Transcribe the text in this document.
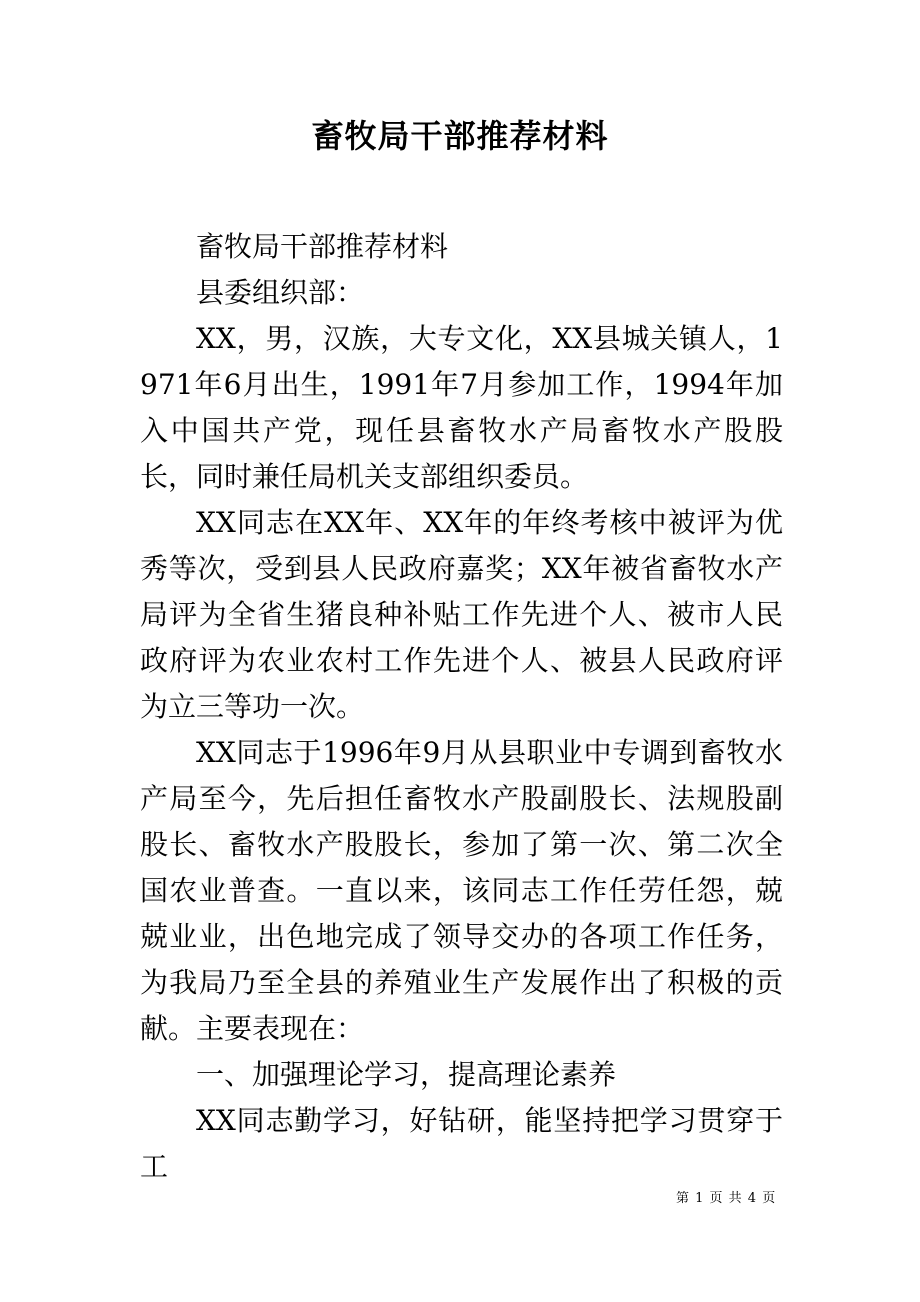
畜牧局干部推荐材料

畜牧局干部推荐材料

县委组织部：

XX，男，汉族，大专文化，XX县城关镇人，1971年6月出生，1991年7月参加工作，1994年加入中国共产党，现任县畜牧水产局畜牧水产股股长，同时兼任局机关支部组织委员。

XX同志在XX年、XX年的年终考核中被评为优秀等次，受到县人民政府嘉奖；XX年被省畜牧水产局评为全省生猪良种补贴工作先进个人、被市人民政府评为农业农村工作先进个人、被县人民政府评为立三等功一次。

XX同志于1996年9月从县职业中专调到畜牧水产局至今，先后担任畜牧水产股副股长、法规股副股长、畜牧水产股股长，参加了第一次、第二次全国农业普查。一直以来，该同志工作任劳任怨，兢兢业业，出色地完成了领导交办的各项工作任务，为我局乃至全县的养殖业生产发展作出了积极的贡献。主要表现在：

一、加强理论学习，提高理论素养

XX同志勤学习，好钻研，能坚持把学习贯穿于工

第 1 页 共 4 页
